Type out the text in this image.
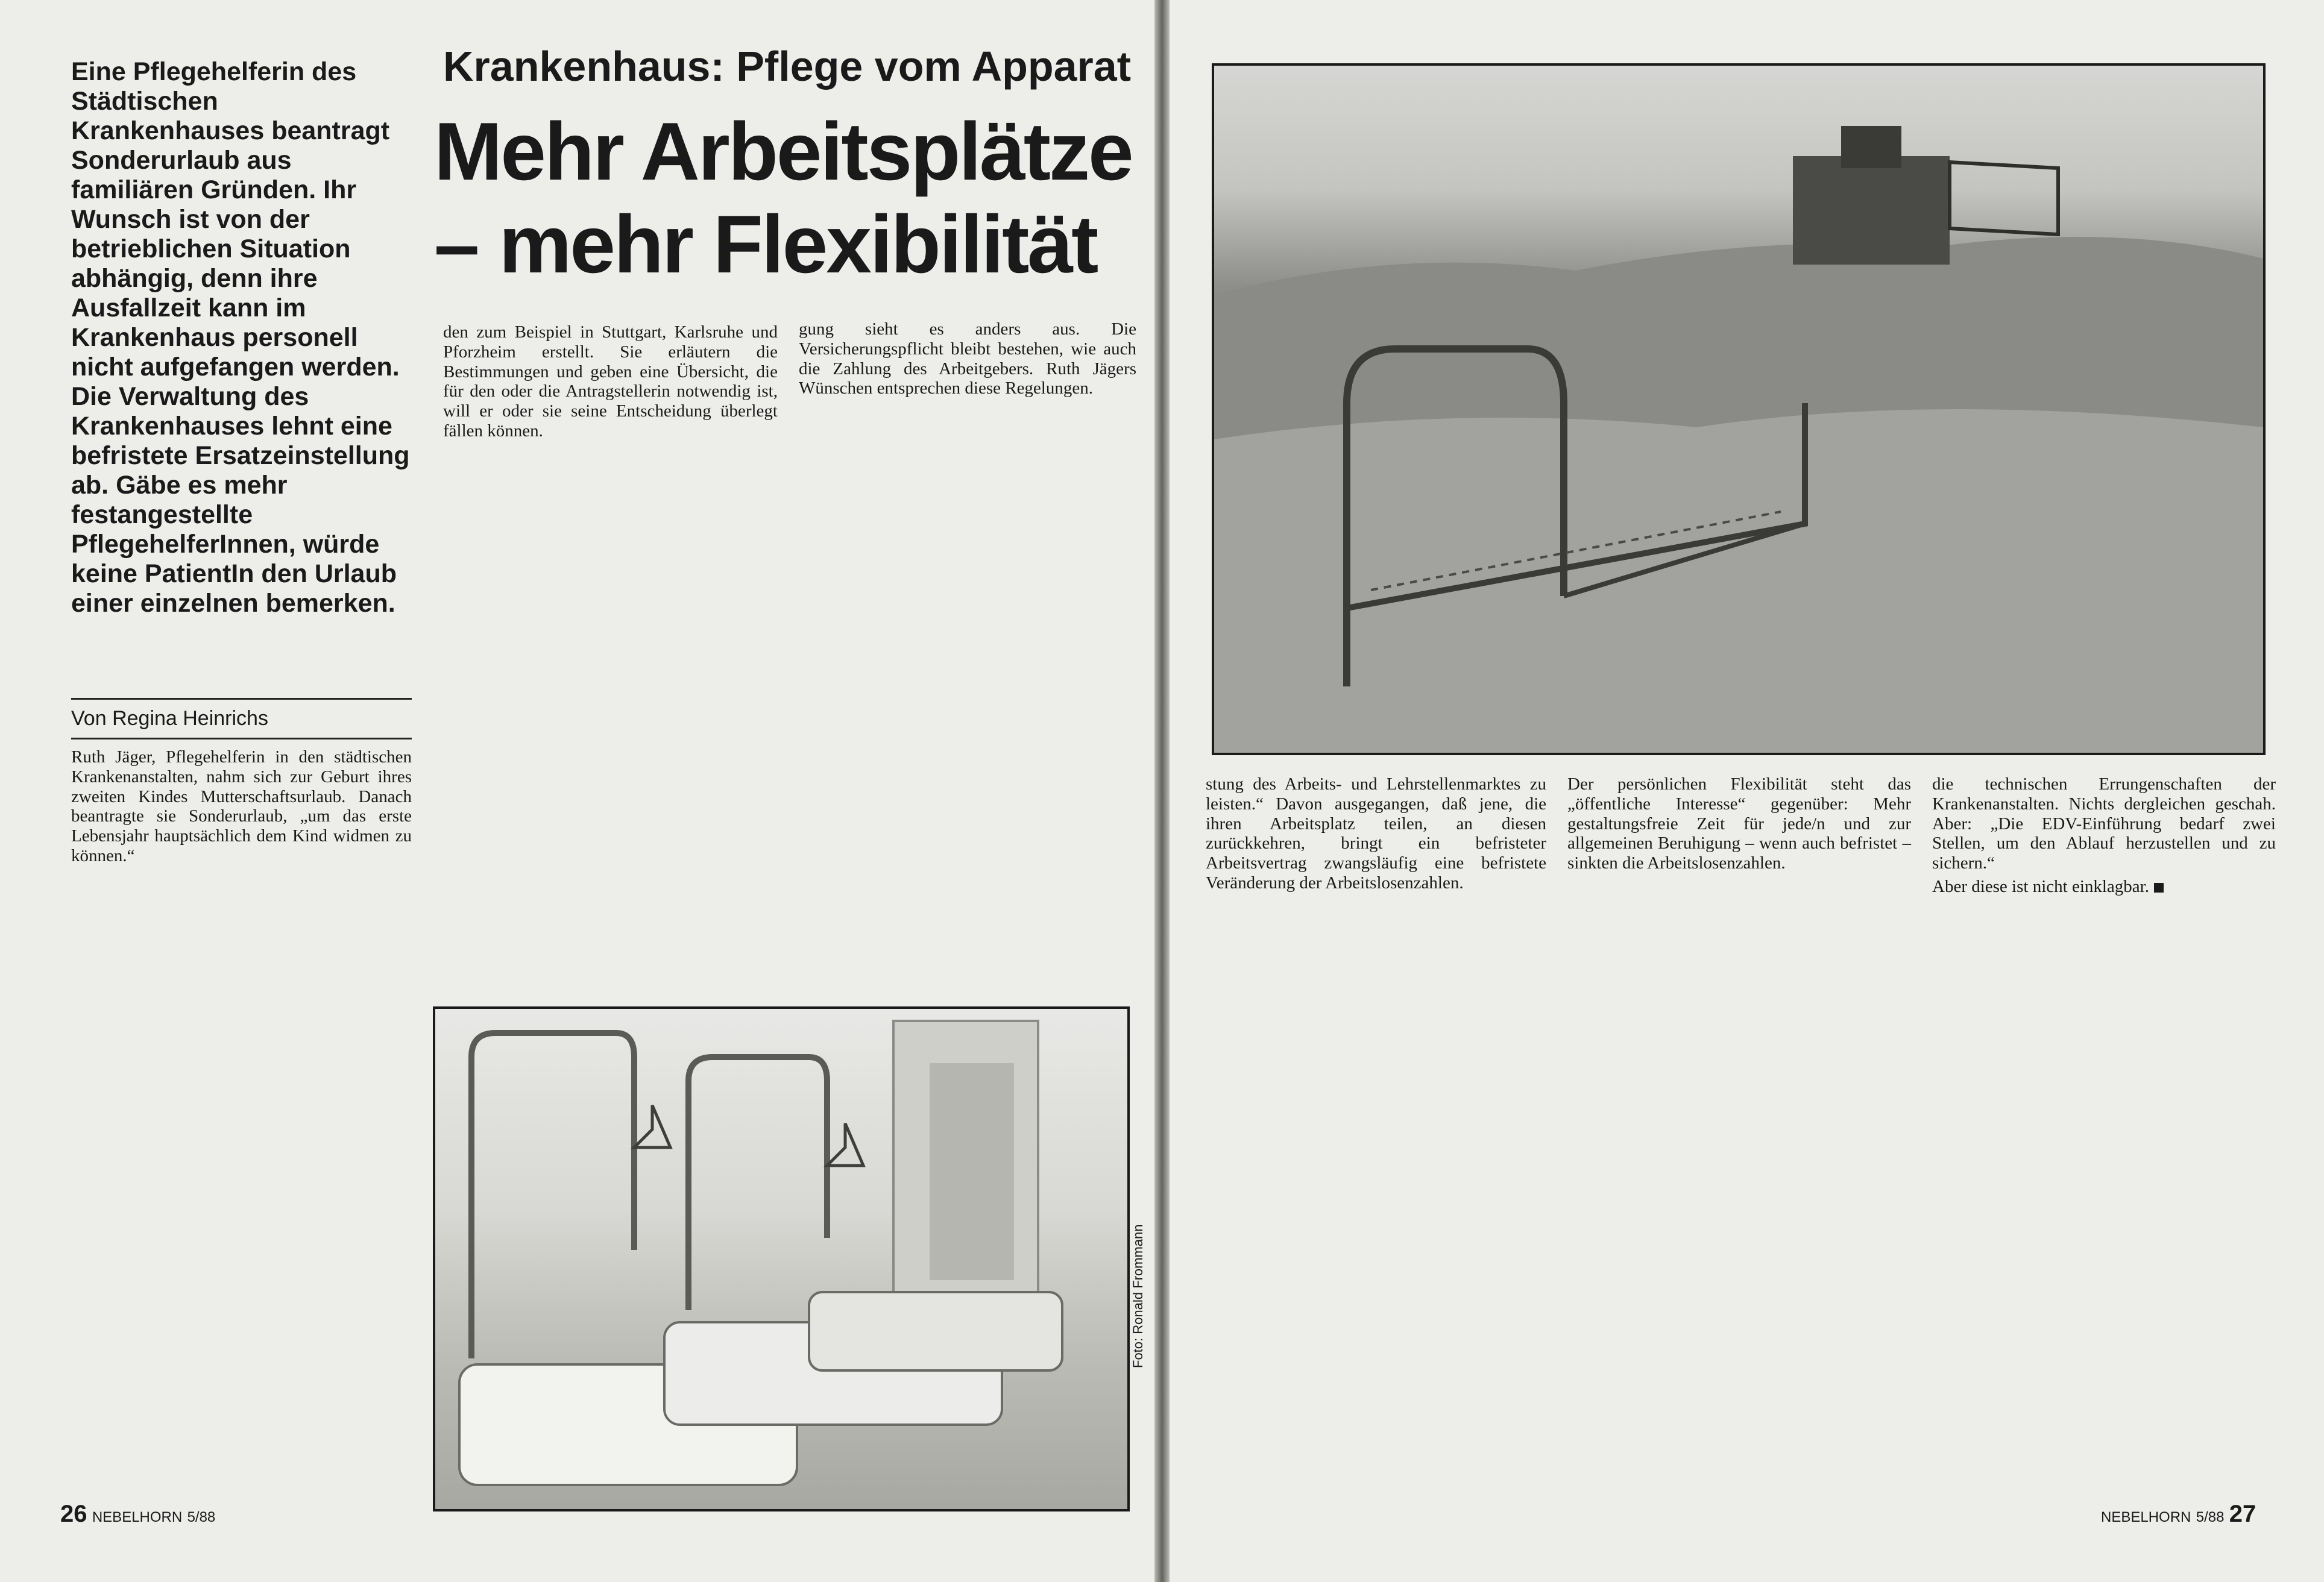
Eine Pflegehelferin des Städtischen Krankenhauses beantragt Sonderurlaub aus familiären Gründen. Ihr Wunsch ist von der betrieblichen Situation abhängig, denn ihre Ausfallzeit kann im Krankenhaus personell nicht aufgefangen werden. Die Verwaltung des Krankenhauses lehnt eine befristete Ersatzeinstellung ab. Gäbe es mehr festangestellte PflegehelferInnen, würde keine PatientIn den Urlaub einer einzelnen bemerken.
Krankenhaus: Pflege vom Apparat
Mehr Arbeitsplätze
– mehr Flexibilität
Von Regina Heinrichs

Ruth Jäger, Pflegehelferin in den städtischen Krankenanstalten, nahm sich zur Geburt ihres zweiten Kindes Mutterschaftsurlaub. Danach beantragte sie Sonderurlaub, „um das erste Lebensjahr hauptsächlich dem Kind widmen zu können.“

den zum Beispiel in Stuttgart, Karlsruhe und Pforzheim erstellt. Sie erläutern die Bestimmungen und geben eine Übersicht, die für den oder die Antragstellerin notwendig ist, will er oder sie seine Entscheidung überlegt fällen können.

gung sieht es anders aus. Die Versicherungspflicht bleibt bestehen, wie auch die Zahlung des Arbeitgebers. Ruth Jägers Wünschen entsprechen diese Regelungen.

Foto: Ronald Frommann
26 NEBELHORN 5/88

stung des Arbeits- und Lehrstellenmarktes zu leisten.“ Davon ausgegangen, daß jene, die ihren Arbeitsplatz teilen, an diesen zurückkehren, bringt ein befristeter Arbeitsvertrag zwangsläufig eine befristete Veränderung der Arbeitslosenzahlen.

Der persönlichen Flexibilität steht das „öffentliche Interesse“ gegenüber: Mehr gestaltungsfreie Zeit für jede/n und zur allgemeinen Beruhigung – wenn auch befristet – sinkten die Arbeitslosenzahlen.

die technischen Errungenschaften der Krankenanstalten. Nichts dergleichen geschah. Aber: „Die EDV-Einführung bedarf zwei Stellen, um den Ablauf herzustellen und zu sichern.“

Aber diese ist nicht einklagbar.

NEBELHORN 5/88 27
